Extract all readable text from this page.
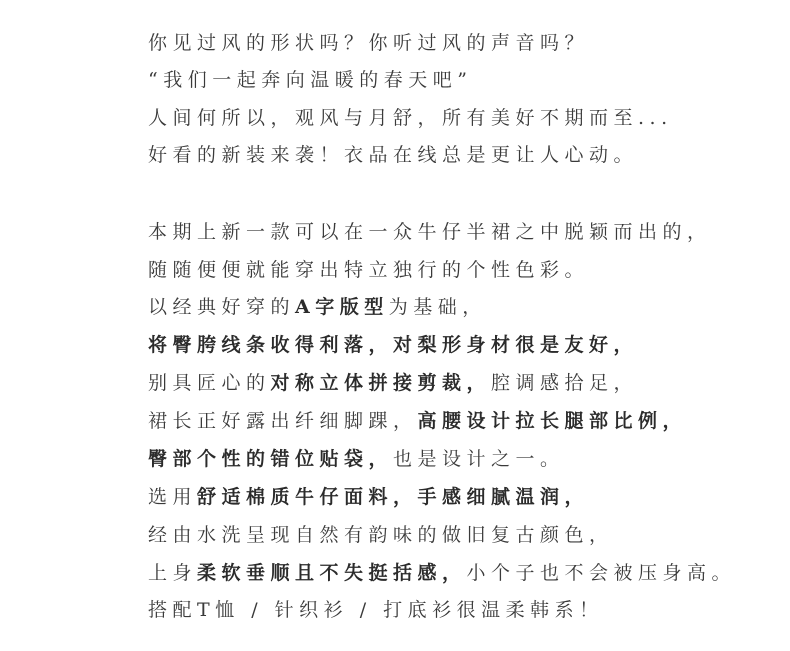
你见过风的形状吗？你听过风的声音吗？
“我们一起奔向温暖的春天吧”
人间何所以，观风与月舒，所有美好不期而至...
好看的新装来袭！衣品在线总是更让人心动。
本期上新一款可以在一众牛仔半裙之中脱颖而出的，
随随便便就能穿出特立独行的个性色彩。
以经典好穿的A字版型为基础，
将臀胯线条收得利落，对梨形身材很是友好，
别具匠心的对称立体拼接剪裁，腔调感拾足，
裙长正好露出纤细脚踝，高腰设计拉长腿部比例，
臀部个性的错位贴袋，也是设计之一。
选用舒适棉质牛仔面料，手感细腻温润，
经由水洗呈现自然有韵味的做旧复古颜色，
上身柔软垂顺且不失挺括感，小个子也不会被压身高。
搭配T恤 / 针织衫 / 打底衫很温柔韩系！
